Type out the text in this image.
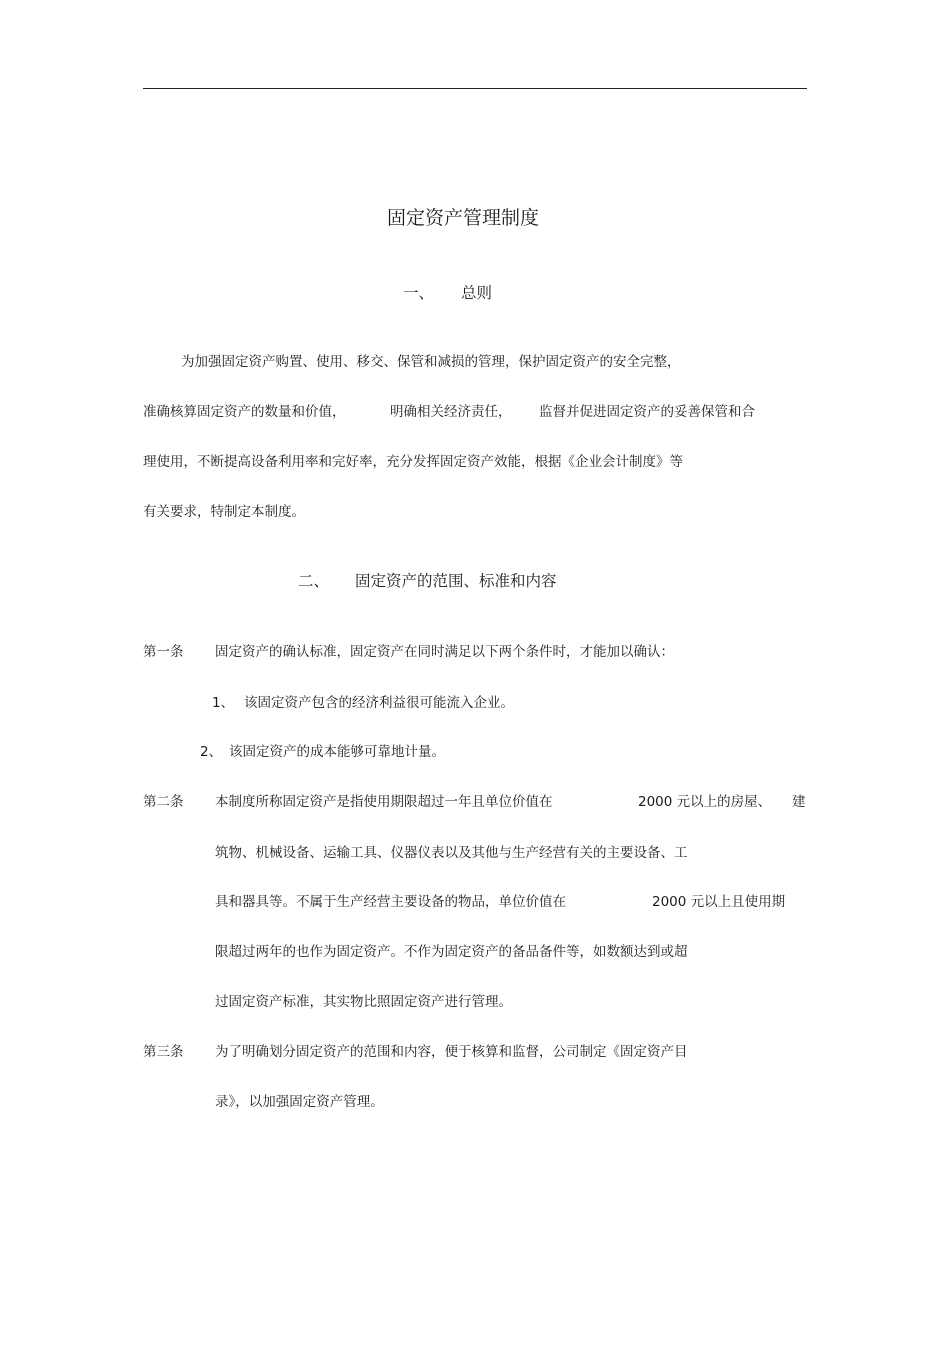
固定资产管理制度
一、 总则
为加强固定资产购置、使用、移交、保管和减损的管理，保护固定资产的安全完整，
准确核算固定资产的数量和价值，	明确相关经济责任， 监督并促进固定资产的妥善保管和合
理使用，不断提高设备利用率和完好率，充分发挥固定资产效能，根据《企业会计制度》等
有关要求，特制定本制度。
二、 固定资产的范围、标准和内容
第一条 固定资产的确认标准，固定资产在同时满足以下两个条件时，才能加以确认：
1、 该固定资产包含的经济利益很可能流入企业。
2、 该固定资产的成本能够可靠地计量。
第二条 本制度所称固定资产是指使用期限超过一年且单位价值在	2000 元以上的房屋、 建
筑物、机械设备、运输工具、仪器仪表以及其他与生产经营有关的主要设备、工
具和器具等。不属于生产经营主要设备的物品，单位价值在	2000 元以上且使用期
限超过两年的也作为固定资产。不作为固定资产的备品备件等，如数额达到或超
过固定资产标准，其实物比照固定资产进行管理。
第三条 为了明确划分固定资产的范围和内容，便于核算和监督，公司制定《固定资产目
录》，以加强固定资产管理。
